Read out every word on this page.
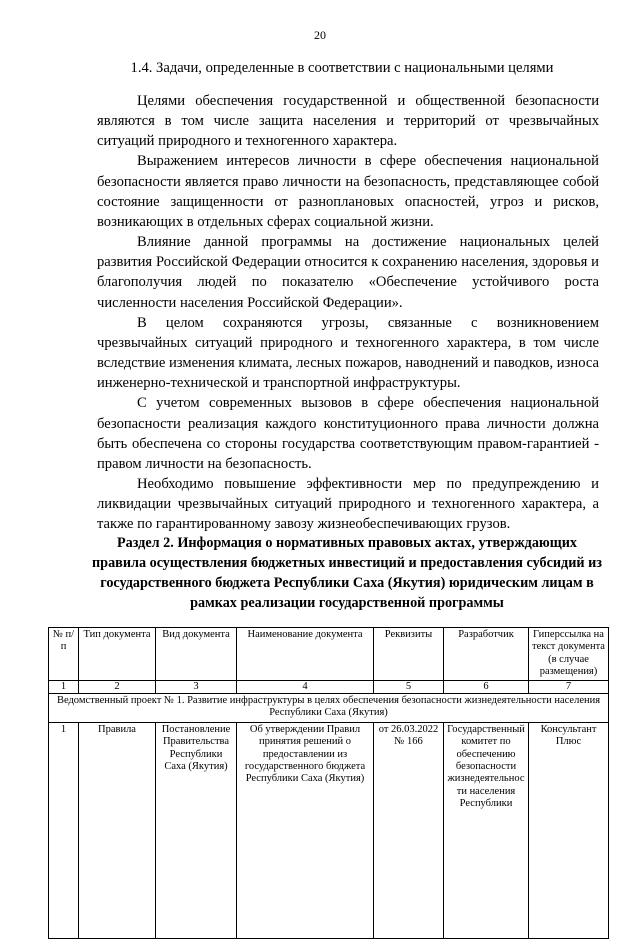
20
1.4. Задачи, определенные в соответствии с национальными целями

Целями обеспечения государственной и общественной безопасности являются в том числе защита населения и территорий от чрезвычайных ситуаций природного и техногенного характера.

Выражением интересов личности в сфере обеспечения национальной безопасности является право личности на безопасность, представляющее собой состояние защищенности от разноплановых опасностей, угроз и рисков, возникающих в отдельных сферах социальной жизни.

Влияние данной программы на достижение национальных целей развития Российской Федерации относится к сохранению населения, здоровья и благополучия людей по показателю «Обеспечение устойчивого роста численности населения Российской Федерации».

В целом сохраняются угрозы, связанные с возникновением чрезвычайных ситуаций природного и техногенного характера, в том числе вследствие изменения климата, лесных пожаров, наводнений и паводков, износа инженерно-технической и транспортной инфраструктуры.

С учетом современных вызовов в сфере обеспечения национальной безопасности реализация каждого конституционного права личности должна быть обеспечена со стороны государства соответствующим правом-гарантией - правом личности на безопасность.

Необходимо повышение эффективности мер по предупреждению и ликвидации чрезвычайных ситуаций природного и техногенного характера, а также по гарантированному завозу жизнеобеспечивающих грузов.

Раздел 2. Информация о нормативных правовых актах, утверждающих правила осуществления бюджетных инвестиций и предоставления субсидий из государственного бюджета Республики Саха (Якутия) юридическим лицам в рамках реализации государственной программы
№ п/п	Тип документа	Вид документа	Наименование документа	Реквизиты	Разработчик	Гиперссылка на текст документа (в случае размещения)
1	2	3	4	5	6	7
Ведомственный проект № 1. Развитие инфраструктуры в целях обеспечения безопасности жизнедеятельности населения Республики Саха (Якутия)						

1	Правила	Постановление Правительства Республики Саха (Якутия)	Об утверждении Правил принятия решений о предоставлении из государственного бюджета Республики Саха (Якутия)	от 26.03.2022 № 166	Государственный комитет по обеспечению безопасности жизнедеятельности населения Республики	Консультант Плюс
